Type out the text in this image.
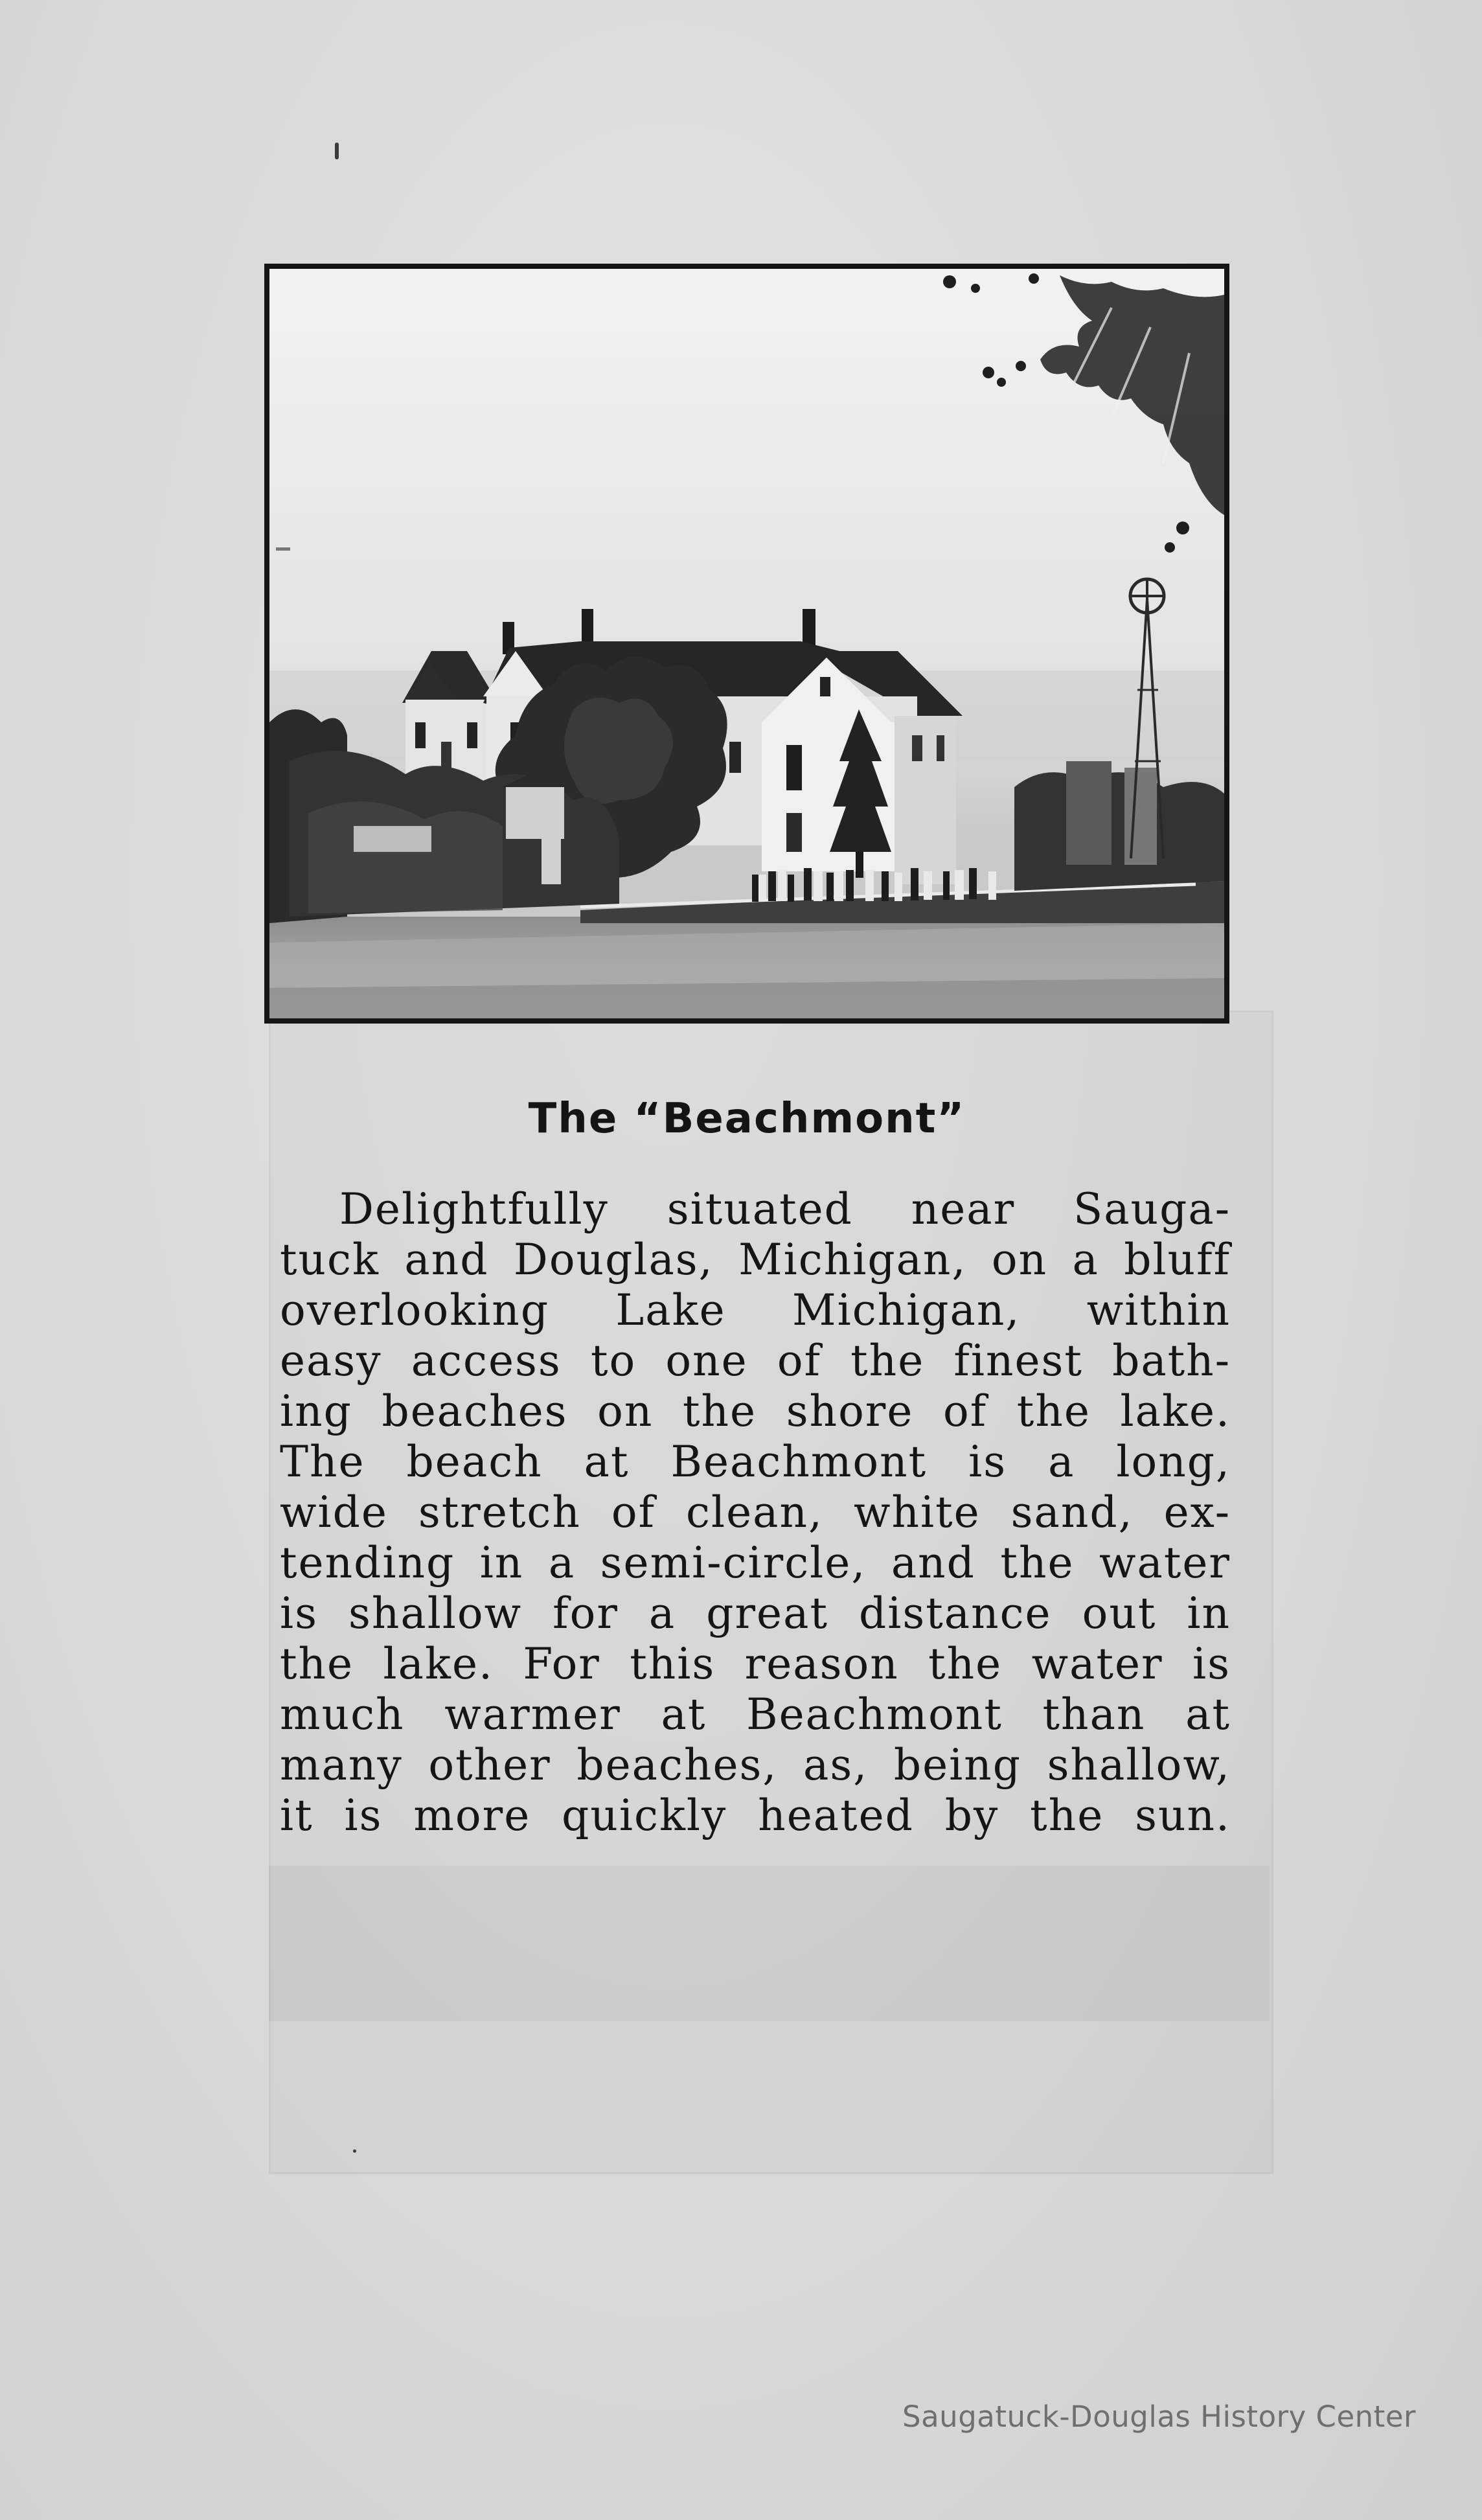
The “Beachmont”

Delightfully situated near Sauga-
tuck and Douglas, Michigan, on a bluff
overlooking Lake Michigan, within
easy access to one of the finest bath-
ing beaches on the shore of the lake.
The beach at Beachmont is a long,
wide stretch of clean, white sand, ex-
tending in a semi-circle, and the water
is shallow for a great distance out in
the lake. For this reason the water is
much warmer at Beachmont than at
many other beaches, as, being shallow,
it is more quickly heated by the sun.

Saugatuck-Douglas History Center
